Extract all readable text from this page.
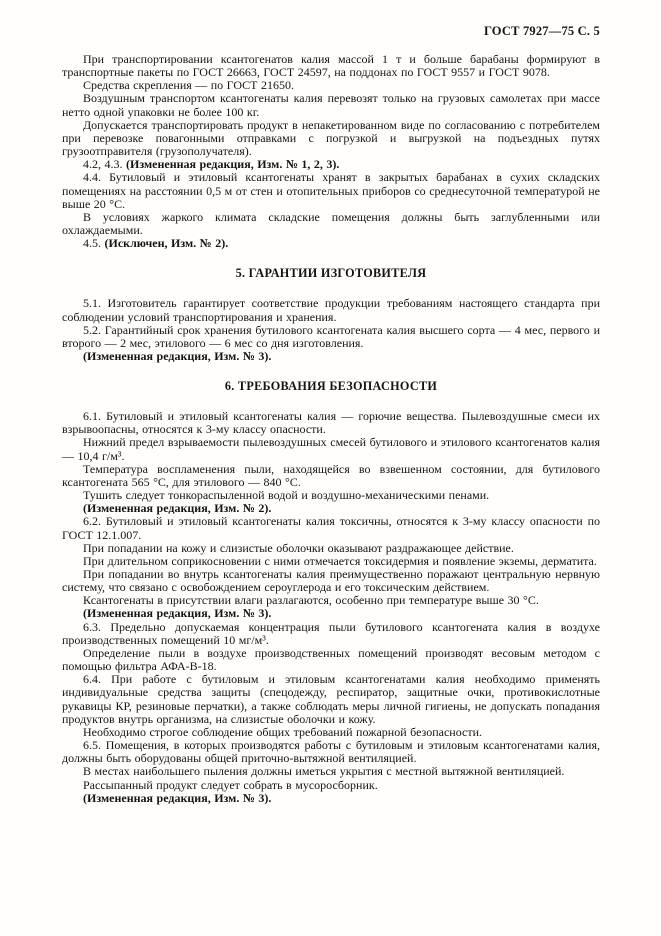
ГОСТ 7927—75 С. 5

При транспортировании ксантогенатов калия массой 1 т и больше барабаны формируют в транспортные пакеты по ГОСТ 26663, ГОСТ 24597, на поддонах по ГОСТ 9557 и ГОСТ 9078.

Средства скрепления — по ГОСТ 21650.

Воздушным транспортом ксантогенаты калия перевозят только на грузовых самолетах при массе нетто одной упаковки не более 100 кг.

Допускается транспортировать продукт в непакетированном виде по согласованию с потребителем при перевозке повагонными отправками с погрузкой и выгрузкой на подъездных путях грузоотправителя (грузополучателя).

4.2, 4.3. (Измененная редакция, Изм. № 1, 2, 3).

4.4. Бутиловый и этиловый ксантогенаты хранят в закрытых барабанах в сухих складских помещениях на расстоянии 0,5 м от стен и отопительных приборов со среднесуточной температурой не выше 20 °С.

В условиях жаркого климата складские помещения должны быть заглубленными или охлаждаемыми.

4.5. (Исключен, Изм. № 2).

5. ГАРАНТИИ ИЗГОТОВИТЕЛЯ

5.1. Изготовитель гарантирует соответствие продукции требованиям настоящего стандарта при соблюдении условий транспортирования и хранения.

5.2. Гарантийный срок хранения бутилового ксантогената калия высшего сорта — 4 мес, первого и второго — 2 мес, этилового — 6 мес со дня изготовления.

(Измененная редакция, Изм. № 3).

6. ТРЕБОВАНИЯ БЕЗОПАСНОСТИ

6.1. Бутиловый и этиловый ксантогенаты калия — горючие вещества. Пылевоздушные смеси их взрывоопасны, относятся к 3-му классу опасности.

Нижний предел взрываемости пылевоздушных смесей бутилового и этилового ксантогенатов калия — 10,4 г/м³.

Температура воспламенения пыли, находящейся во взвешенном состоянии, для бутилового ксантогената 565 °С, для этилового — 840 °С.

Тушить следует тонкораспыленной водой и воздушно-механическими пенами.

(Измененная редакция, Изм. № 2).

6.2. Бутиловый и этиловый ксантогенаты калия токсичны, относятся к 3-му классу опасности по ГОСТ 12.1.007.

При попадании на кожу и слизистые оболочки оказывают раздражающее действие.

При длительном соприкосновении с ними отмечается токсидермия и появление экземы, дерматита.

При попадании во внутрь ксантогенаты калия преимущественно поражают центральную нервную систему, что связано с освобождением сероуглерода и его токсическим действием.

Ксантогенаты в присутствии влаги разлагаются, особенно при температуре выше 30 °С.

(Измененная редакция, Изм. № 3).

6.3. Предельно допускаемая концентрация пыли бутилового ксантогената калия в воздухе производственных помещений 10 мг/м³.

Определение пыли в воздухе производственных помещений производят весовым методом с помощью фильтра АФА-В-18.

6.4. При работе с бутиловым и этиловым ксантогенатами калия необходимо применять индивидуальные средства защиты (спецодежду, респиратор, защитные очки, противокислотные рукавицы КР, резиновые перчатки), а также соблюдать меры личной гигиены, не допускать попадания продуктов внутрь организма, на слизистые оболочки и кожу.

Необходимо строгое соблюдение общих требований пожарной безопасности.

6.5. Помещения, в которых производятся работы с бутиловым и этиловым ксантогенатами калия, должны быть оборудованы общей приточно-вытяжной вентиляцией.

В местах наибольшего пыления должны иметься укрытия с местной вытяжной вентиляцией.

Рассыпанный продукт следует собрать в мусоросборник.

(Измененная редакция, Изм. № 3).
